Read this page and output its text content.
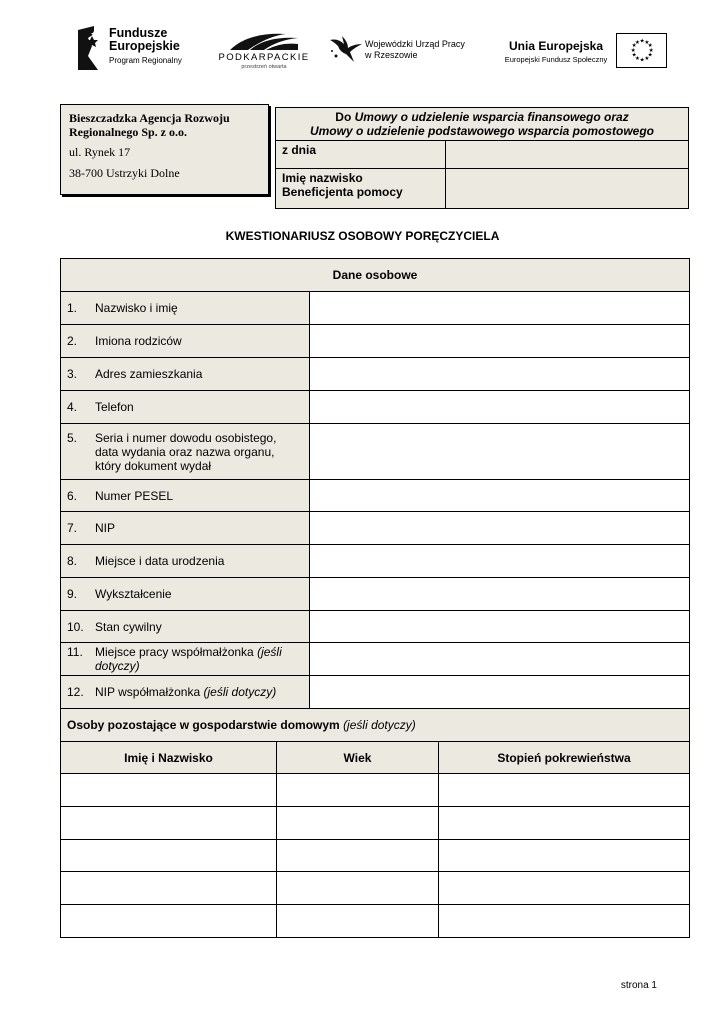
Fundusze
Europejskie
Program Regionalny	PODKARPACKIE
przestrzeń otwarta
Wojewódzki Urząd Pracy
w Rzeszowie
Unia Europejska
Europejski Fundusz Społeczny
★ ★
★
★
★
★
★
★
★
★
★
★
Bieszczadzka Agencja Rozwoju Regionalnego Sp. z o.o.
ul. Rynek 17
38-700 Ustrzyki Dolne
Do Umowy o udzielenie wsparcia finansowego oraz
Umowy o udzielenie podstawowego wsparcia pomostowego	
z dnia	
Imię nazwisko
Beneficjenta pomocy	
KWESTIONARIUSZ OSOBOWY PORĘCZYCIELA
Dane osobowe			

1. Nazwisko i imię			

2. Imiona rodziców			

3. Adres zamieszkania			

4. Telefon			

5. Seria i numer dowodu osobistego, data wydania oraz nazwa organu, który dokument wydał			

6. Numer PESEL			

7. NIP			

8. Miejsce i data urodzenia			

9. Wykształcenie			

10. Stan cywilny			

11. Miejsce pracy współmałżonka (jeśli dotyczy)			

12. NIP współmałżonka (jeśli dotyczy)			

Osoby pozostające w gospodarstwie domowym (jeśli dotyczy)			
Imię i Nazwisko	Wiek		Stopień pokrewieństwa

strona 1
